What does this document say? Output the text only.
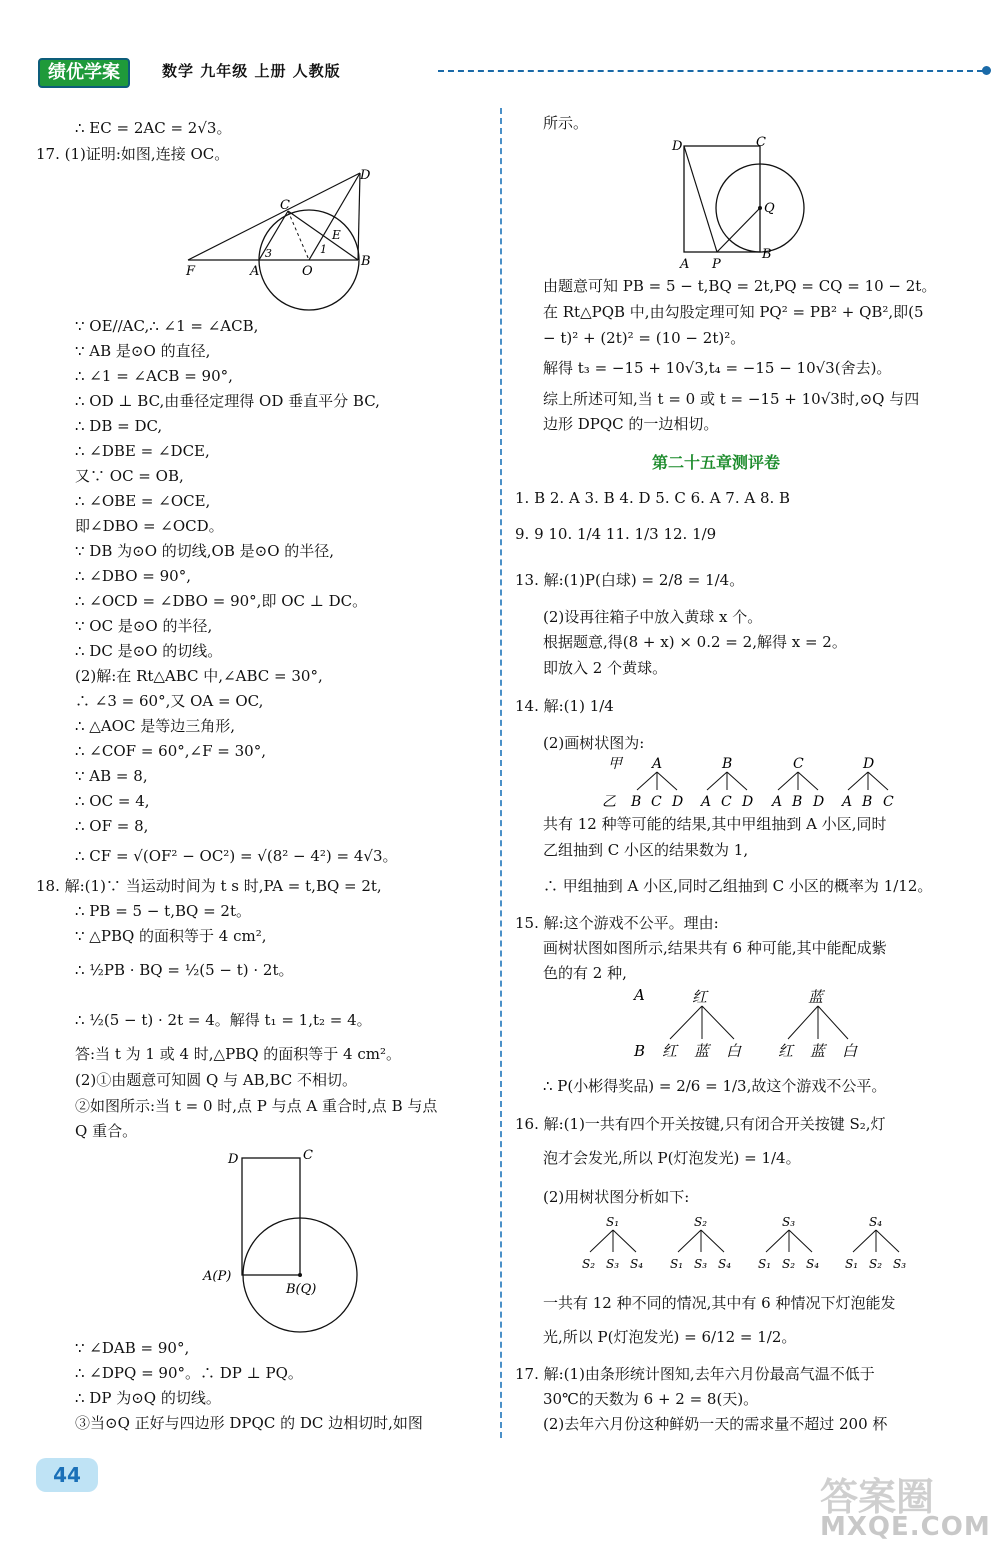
绩优学案	数学 九年级 上册 人教版
∴ EC = 2AC = 2√3。
17. (1)证明:如图,连接 OC。
D
C
E
1
3
F	A	O
B
∵ OE//AC,∴ ∠1 = ∠ACB,
∵ AB 是⊙O 的直径,
∴ ∠1 = ∠ACB = 90°,
∴ OD ⊥ BC,由垂径定理得 OD 垂直平分 BC,
∴ DB = DC,
∴ ∠DBE = ∠DCE,
又∵ OC = OB,
∴ ∠OBE = ∠OCE,
即∠DBO = ∠OCD。
∵ DB 为⊙O 的切线,OB 是⊙O 的半径,
∴ ∠DBO = 90°,
∴ ∠OCD = ∠DBO = 90°,即 OC ⊥ DC。
∵ OC 是⊙O 的半径,
∴ DC 是⊙O 的切线。
(2)解:在 Rt△ABC 中,∠ABC = 30°,
∴ ∠3 = 60°,又 OA = OC,
∴ △AOC 是等边三角形,
∴ ∠COF = 60°,∠F = 30°,
∵ AB = 8,
∴ OC = 4,
∴ OF = 8,
∴ CF = √(OF² − OC²) = √(8² − 4²) = 4√3。
18. 解:(1)∵ 当运动时间为 t s 时,PA = t,BQ = 2t,
∴ PB = 5 − t,BQ = 2t。
∵ △PBQ 的面积等于 4 cm²,
∴ ½PB · BQ = ½(5 − t) · 2t。
∴ ½(5 − t) · 2t = 4。解得 t₁ = 1,t₂ = 4。
答:当 t 为 1 或 4 时,△PBQ 的面积等于 4 cm²。
(2)①由题意可知圆 Q 与 AB,BC 不相切。
②如图所示:当 t = 0 时,点 P 与点 A 重合时,点 B 与点
Q 重合。
D	C
A(P)
B(Q)
∵ ∠DAB = 90°,
∴ ∠DPQ = 90°。∴ DP ⊥ PQ。
∴ DP 为⊙Q 的切线。
③当⊙Q 正好与四边形 DPQC 的 DC 边相切时,如图
所示。
D	C
Q
A P
B
由题意可知 PB = 5 − t,BQ = 2t,PQ = CQ = 10 − 2t。
在 Rt△PQB 中,由勾股定理可知 PQ² = PB² + QB²,即(5
− t)² + (2t)² = (10 − 2t)²。
解得 t₃ = −15 + 10√3,t₄ = −15 − 10√3(舍去)。
综上所述可知,当 t = 0 或 t = −15 + 10√3时,⊙Q 与四
边形 DPQC 的一边相切。
第二十五章测评卷
1. B 2. A 3. B 4. D 5. C 6. A 7. A 8. B
9. 9 10. 1/4 11. 1/3 12. 1/9
13. 解:(1)P(白球) = 2/8 = 1/4。
(2)设再往箱子中放入黄球 x 个。
根据题意,得(8 + x) × 0.2 = 2,解得 x = 2。
即放入 2 个黄球。
14. 解:(1) 1/4
(2)画树状图为:
甲 A	B	C	D
乙 B C D A C D A B D A B C
共有 12 种等可能的结果,其中甲组抽到 A 小区,同时
乙组抽到 C 小区的结果数为 1,
∴ 甲组抽到 A 小区,同时乙组抽到 C 小区的概率为 1/12。
15. 解:这个游戏不公平。理由:
画树状图如图所示,结果共有 6 种可能,其中能配成紫
色的有 2 种,
A	红	蓝
B 红 蓝 白 红 蓝 白
∴ P(小彬得奖品) = 2/6 = 1/3,故这个游戏不公平。
16. 解:(1)一共有四个开关按键,只有闭合开关按键 S₂,灯
泡才会发光,所以 P(灯泡发光) = 1/4。
(2)用树状图分析如下:
S₁	S₂	S₃	S₄
S₂ S₃ S₄ S₁ S₃ S₄ S₁ S₂ S₄ S₁ S₂ S₃
一共有 12 种不同的情况,其中有 6 种情况下灯泡能发
光,所以 P(灯泡发光) = 6/12 = 1/2。
17. 解:(1)由条形统计图知,去年六月份最高气温不低于
30℃的天数为 6 + 2 = 8(天)。
(2)去年六月份这种鲜奶一天的需求量不超过 200 杯
44	答案圈
MXQE.COM
